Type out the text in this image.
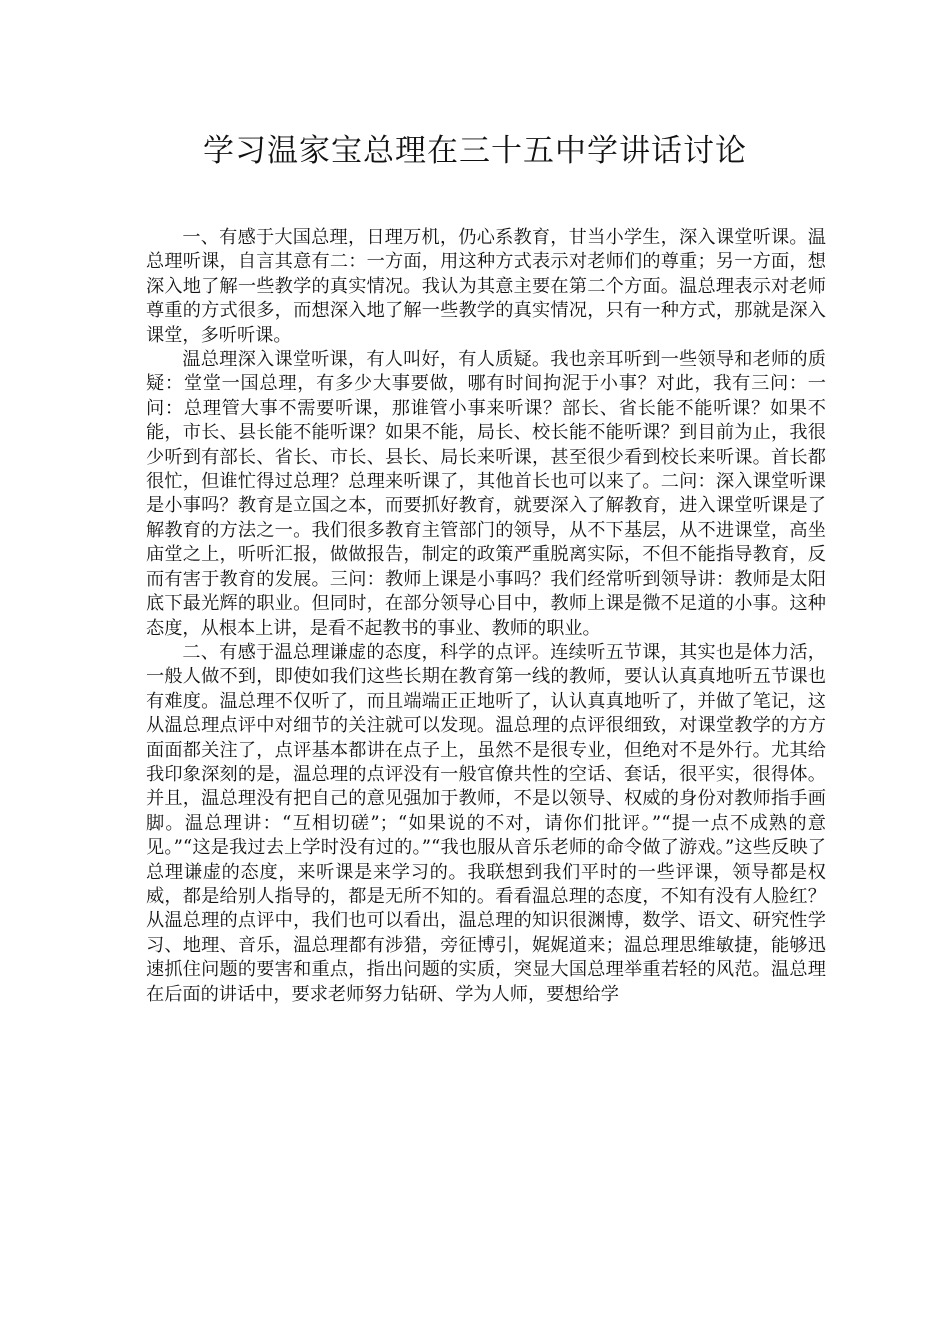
学习温家宝总理在三十五中学讲话讨论

一、有感于大国总理，日理万机，仍心系教育，甘当小学生，深入课堂听课。温总理听课，自言其意有二：一方面，用这种方式表示对老师们的尊重；另一方面，想深入地了解一些教学的真实情况。我认为其意主要在第二个方面。温总理表示对老师尊重的方式很多，而想深入地了解一些教学的真实情况，只有一种方式，那就是深入课堂，多听听课。

温总理深入课堂听课，有人叫好，有人质疑。我也亲耳听到一些领导和老师的质疑：堂堂一国总理，有多少大事要做，哪有时间拘泥于小事？对此，我有三问：一问：总理管大事不需要听课，那谁管小事来听课？部长、省长能不能听课？如果不能，市长、县长能不能听课？如果不能，局长、校长能不能听课？到目前为止，我很少听到有部长、省长、市长、县长、局长来听课，甚至很少看到校长来听课。首长都很忙，但谁忙得过总理？总理来听课了，其他首长也可以来了。二问：深入课堂听课是小事吗？教育是立国之本，而要抓好教育，就要深入了解教育，进入课堂听课是了解教育的方法之一。我们很多教育主管部门的领导，从不下基层，从不进课堂，高坐庙堂之上，听听汇报，做做报告，制定的政策严重脱离实际，不但不能指导教育，反而有害于教育的发展。三问：教师上课是小事吗？我们经常听到领导讲：教师是太阳底下最光辉的职业。但同时，在部分领导心目中，教师上课是微不足道的小事。这种态度，从根本上讲，是看不起教书的事业、教师的职业。

二、有感于温总理谦虚的态度，科学的点评。连续听五节课，其实也是体力活，一般人做不到，即使如我们这些长期在教育第一线的教师，要认认真真地听五节课也有难度。温总理不仅听了，而且端端正正地听了，认认真真地听了，并做了笔记，这从温总理点评中对细节的关注就可以发现。温总理的点评很细致，对课堂教学的方方面面都关注了，点评基本都讲在点子上，虽然不是很专业，但绝对不是外行。尤其给我印象深刻的是，温总理的点评没有一般官僚共性的空话、套话，很平实，很得体。并且，温总理没有把自己的意见强加于教师，不是以领导、权威的身份对教师指手画脚。温总理讲：“互相切磋”；“如果说的不对，请你们批评。”“提一点不成熟的意见。”“这是我过去上学时没有过的。”“我也服从音乐老师的命令做了游戏。”这些反映了总理谦虚的态度，来听课是来学习的。我联想到我们平时的一些评课，领导都是权威，都是给别人指导的，都是无所不知的。看看温总理的态度，不知有没有人脸红？从温总理的点评中，我们也可以看出，温总理的知识很渊博，数学、语文、研究性学习、地理、音乐，温总理都有涉猎，旁征博引，娓娓道来；温总理思维敏捷，能够迅速抓住问题的要害和重点，指出问题的实质，突显大国总理举重若轻的风范。温总理在后面的讲话中，要求老师努力钻研、学为人师，要想给学
